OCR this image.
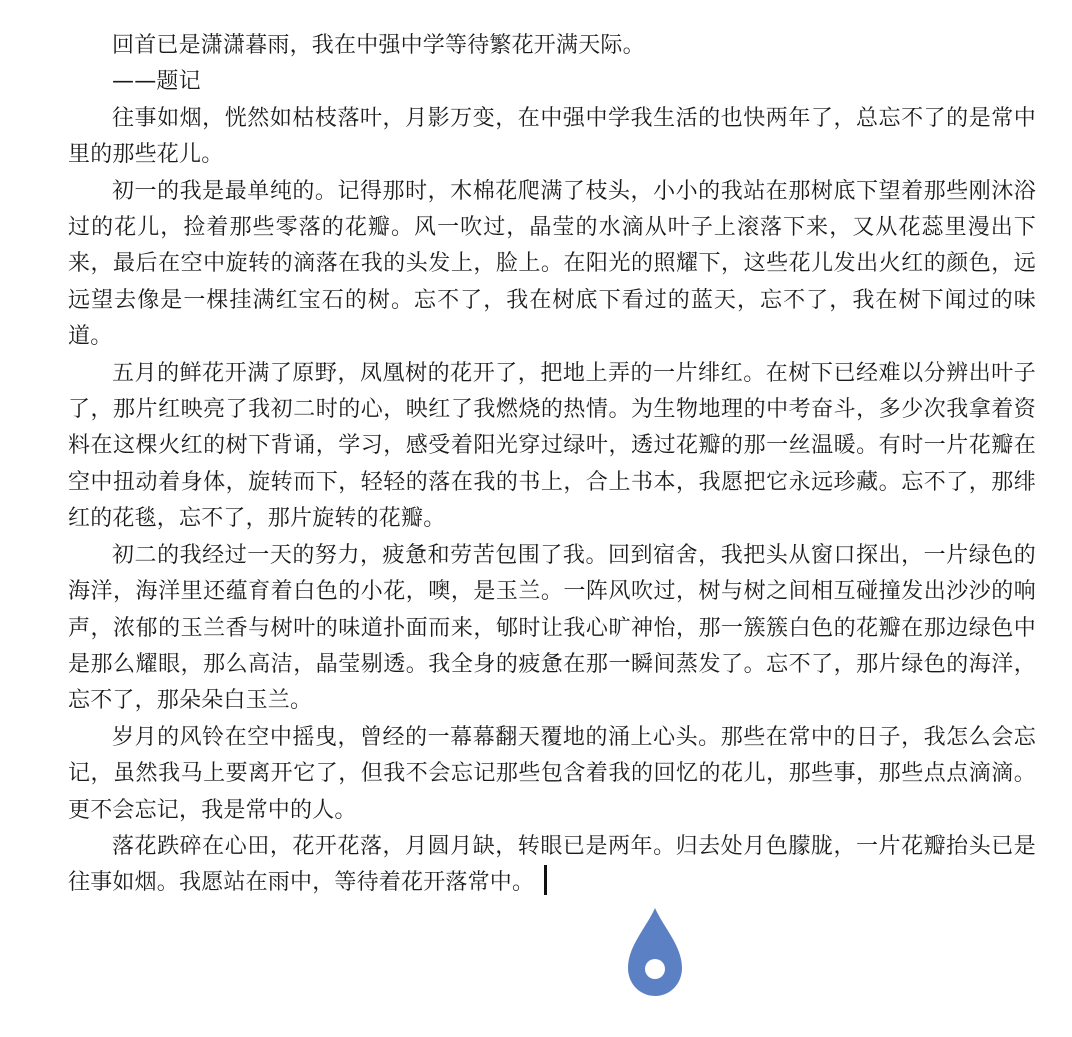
回首已是潇潇暮雨，我在中强中学等待繁花开满天际。

——题记

往事如烟，恍然如枯枝落叶，月影万变，在中强中学我生活的也快两年了，总忘不了的是常中里的那些花儿。

初一的我是最单纯的。记得那时，木棉花爬满了枝头，小小的我站在那树底下望着那些刚沐浴过的花儿，捡着那些零落的花瓣。风一吹过，晶莹的水滴从叶子上滚落下来，又从花蕊里漫出下来，最后在空中旋转的滴落在我的头发上，脸上。在阳光的照耀下，这些花儿发出火红的颜色，远远望去像是一棵挂满红宝石的树。忘不了，我在树底下看过的蓝天，忘不了，我在树下闻过的味道。

五月的鲜花开满了原野，凤凰树的花开了，把地上弄的一片绯红。在树下已经难以分辨出叶子了，那片红映亮了我初二时的心，映红了我燃烧的热情。为生物地理的中考奋斗，多少次我拿着资料在这棵火红的树下背诵，学习，感受着阳光穿过绿叶，透过花瓣的那一丝温暖。有时一片花瓣在空中扭动着身体，旋转而下，轻轻的落在我的书上，合上书本，我愿把它永远珍藏。忘不了，那绯红的花毯，忘不了，那片旋转的花瓣。

初二的我经过一天的努力，疲惫和劳苦包围了我。回到宿舍，我把头从窗口探出，一片绿色的海洋，海洋里还蕴育着白色的小花，噢，是玉兰。一阵风吹过，树与树之间相互碰撞发出沙沙的响声，浓郁的玉兰香与树叶的味道扑面而来，郇时让我心旷神怡，那一簇簇白色的花瓣在那边绿色中是那么耀眼，那么高洁，晶莹剔透。我全身的疲惫在那一瞬间蒸发了。忘不了，那片绿色的海洋，忘不了，那朵朵白玉兰。

岁月的风铃在空中摇曳，曾经的一幕幕翻天覆地的涌上心头。那些在常中的日子，我怎么会忘记，虽然我马上要离开它了，但我不会忘记那些包含着我的回忆的花儿，那些事，那些点点滴滴。更不会忘记，我是常中的人。

落花跌碎在心田，花开花落，月圆月缺，转眼已是两年。归去处月色朦胧，一片花瓣抬头已是往事如烟。我愿站在雨中，等待着花开落常中。
